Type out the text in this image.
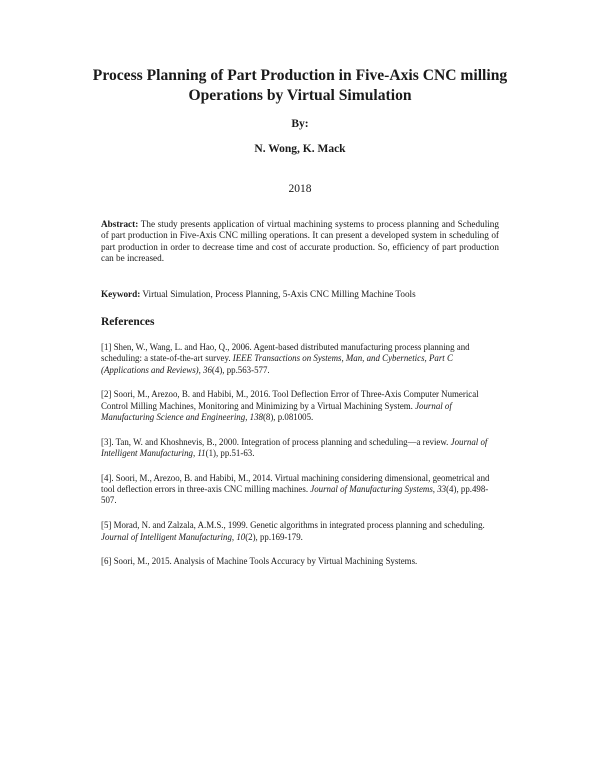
Process Planning of Part Production in Five-Axis CNC milling Operations by Virtual Simulation

By:

N. Wong, K. Mack

2018

Abstract: The study presents application of virtual machining systems to process planning and Scheduling of part production in Five-Axis CNC milling operations. It can present a developed system in scheduling of part production in order to decrease time and cost of accurate production. So, efficiency of part production can be increased.

Keyword: Virtual Simulation, Process Planning, 5-Axis CNC Milling Machine Tools

References
[1] Shen, W., Wang, L. and Hao, Q., 2006. Agent-based distributed manufacturing process planning and scheduling: a state-of-the-art survey. IEEE Transactions on Systems, Man, and Cybernetics, Part C (Applications and Reviews), 36(4), pp.563-577.
[2] Soori, M., Arezoo, B. and Habibi, M., 2016. Tool Deflection Error of Three-Axis Computer Numerical Control Milling Machines, Monitoring and Minimizing by a Virtual Machining System. Journal of Manufacturing Science and Engineering, 138(8), p.081005.
[3]. Tan, W. and Khoshnevis, B., 2000. Integration of process planning and scheduling—a review. Journal of Intelligent Manufacturing, 11(1), pp.51-63.
[4]. Soori, M., Arezoo, B. and Habibi, M., 2014. Virtual machining considering dimensional, geometrical and tool deflection errors in three-axis CNC milling machines. Journal of Manufacturing Systems, 33(4), pp.498-507.
[5] Morad, N. and Zalzala, A.M.S., 1999. Genetic algorithms in integrated process planning and scheduling. Journal of Intelligent Manufacturing, 10(2), pp.169-179.
[6] Soori, M., 2015. Analysis of Machine Tools Accuracy by Virtual Machining Systems.
